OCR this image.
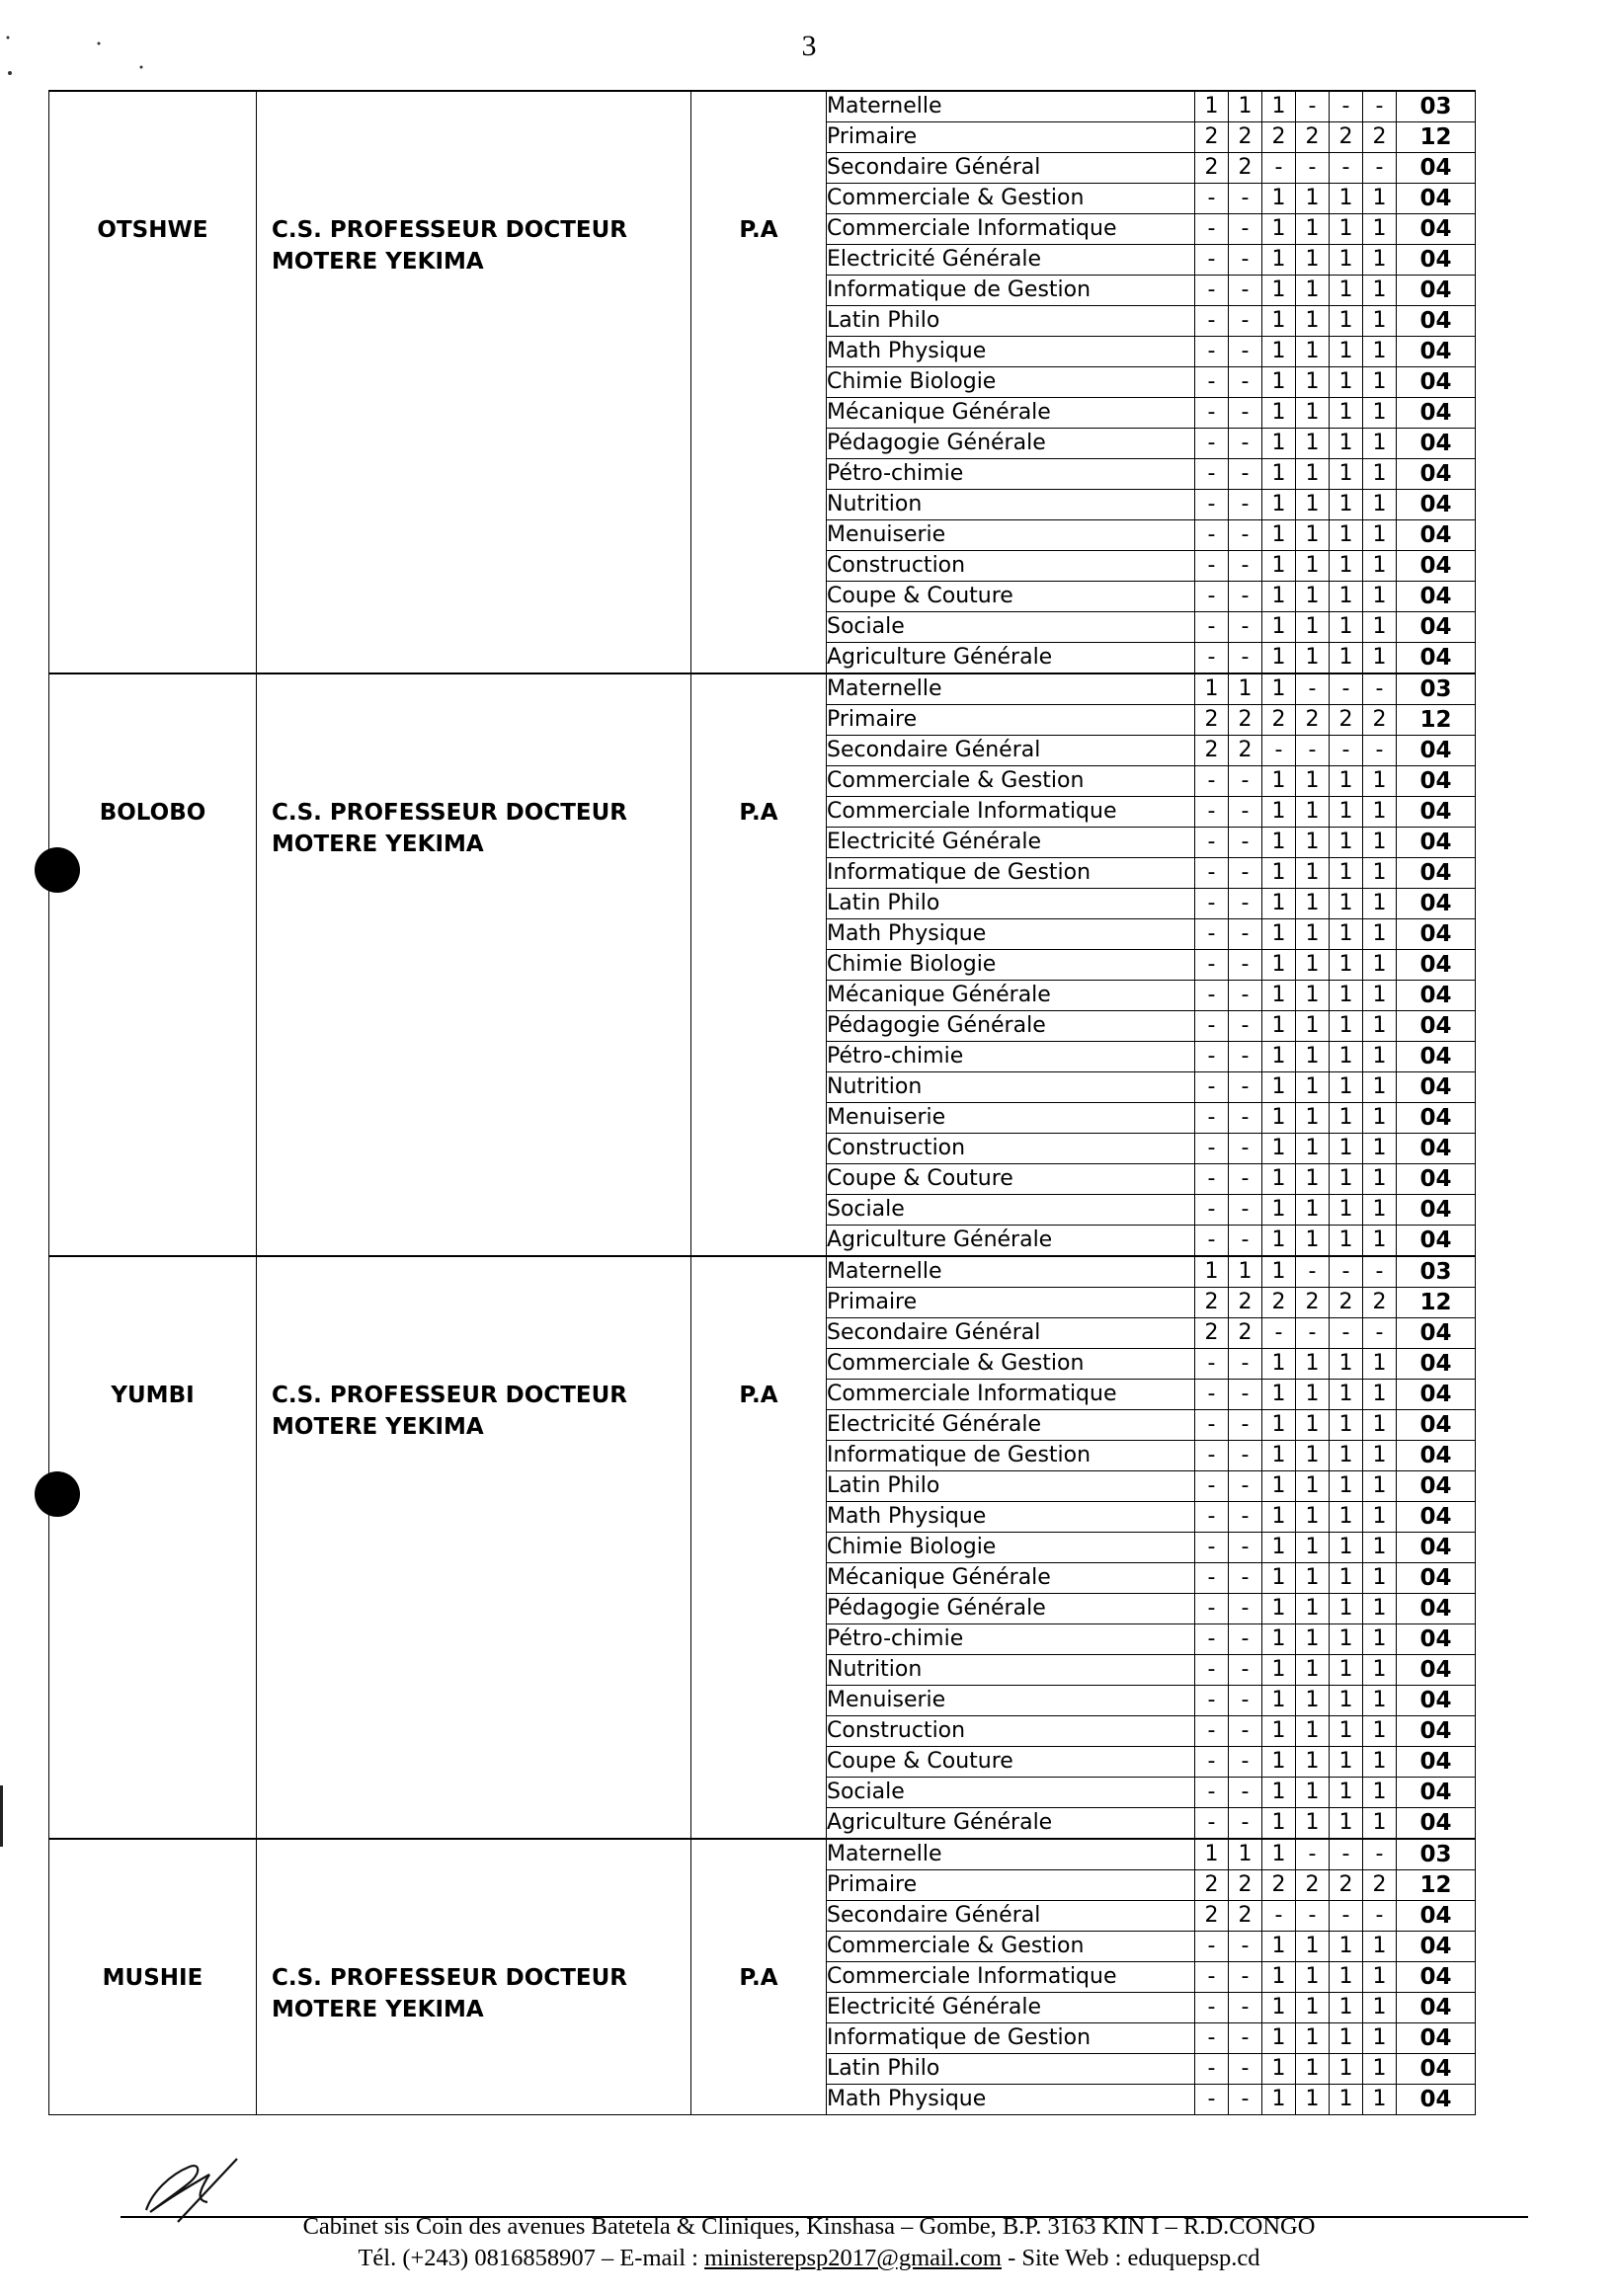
3
OTSHWE	C.S. PROFESSEUR DOCTEUR
MOTERE YEKIMA	P.A	Maternelle	1	1	1	-	-	-	03
			Primaire	2	2	2	2	2	2	12
			Secondaire Général	2	2	-	-	-	-	04
			Commerciale & Gestion	-	-	1	1	1	1	04
			Commerciale Informatique	-	-	1	1	1	1	04
			Electricité Générale	-	-	1	1	1	1	04
			Informatique de Gestion	-	-	1	1	1	1	04
			Latin Philo	-	-	1	1	1	1	04
			Math Physique	-	-	1	1	1	1	04
			Chimie Biologie	-	-	1	1	1	1	04
			Mécanique Générale	-	-	1	1	1	1	04
			Pédagogie Générale	-	-	1	1	1	1	04
			Pétro-chimie	-	-	1	1	1	1	04
			Nutrition	-	-	1	1	1	1	04
			Menuiserie	-	-	1	1	1	1	04
			Construction	-	-	1	1	1	1	04
			Coupe & Couture	-	-	1	1	1	1	04
			Sociale	-	-	1	1	1	1	04
			Agriculture Générale	-	-	1	1	1	1	04

BOLOBO	C.S. PROFESSEUR DOCTEUR
MOTERE YEKIMA	P.A	Maternelle	1	1	1	-	-	-	03
			Primaire	2	2	2	2	2	2	12
			Secondaire Général	2	2	-	-	-	-	04
			Commerciale & Gestion	-	-	1	1	1	1	04
			Commerciale Informatique	-	-	1	1	1	1	04
			Electricité Générale	-	-	1	1	1	1	04
			Informatique de Gestion	-	-	1	1	1	1	04
			Latin Philo	-	-	1	1	1	1	04
			Math Physique	-	-	1	1	1	1	04
			Chimie Biologie	-	-	1	1	1	1	04
			Mécanique Générale	-	-	1	1	1	1	04
			Pédagogie Générale	-	-	1	1	1	1	04
			Pétro-chimie	-	-	1	1	1	1	04
			Nutrition	-	-	1	1	1	1	04
			Menuiserie	-	-	1	1	1	1	04
			Construction	-	-	1	1	1	1	04
			Coupe & Couture	-	-	1	1	1	1	04
			Sociale	-	-	1	1	1	1	04
			Agriculture Générale	-	-	1	1	1	1	04

YUMBI	C.S. PROFESSEUR DOCTEUR
MOTERE YEKIMA	P.A	Maternelle	1	1	1	-	-	-	03
			Primaire	2	2	2	2	2	2	12
			Secondaire Général	2	2	-	-	-	-	04
			Commerciale & Gestion	-	-	1	1	1	1	04
			Commerciale Informatique	-	-	1	1	1	1	04
			Electricité Générale	-	-	1	1	1	1	04
			Informatique de Gestion	-	-	1	1	1	1	04
			Latin Philo	-	-	1	1	1	1	04
			Math Physique	-	-	1	1	1	1	04
			Chimie Biologie	-	-	1	1	1	1	04
			Mécanique Générale	-	-	1	1	1	1	04
			Pédagogie Générale	-	-	1	1	1	1	04
			Pétro-chimie	-	-	1	1	1	1	04
			Nutrition	-	-	1	1	1	1	04
			Menuiserie	-	-	1	1	1	1	04
			Construction	-	-	1	1	1	1	04
			Coupe & Couture	-	-	1	1	1	1	04
			Sociale	-	-	1	1	1	1	04
			Agriculture Générale	-	-	1	1	1	1	04

MUSHIE	C.S. PROFESSEUR DOCTEUR
MOTERE YEKIMA	P.A	Maternelle	1	1	1	-	-	-	03
			Primaire	2	2	2	2	2	2	12
			Secondaire Général	2	2	-	-	-	-	04
			Commerciale & Gestion	-	-	1	1	1	1	04
			Commerciale Informatique	-	-	1	1	1	1	04
			Electricité Générale	-	-	1	1	1	1	04
			Informatique de Gestion	-	-	1	1	1	1	04
			Latin Philo	-	-	1	1	1	1	04
			Math Physique	-	-	1	1	1	1	04
Cabinet sis Coin des avenues Batetela & Cliniques, Kinshasa – Gombe, B.P. 3163 KIN I – R.D.CONGO
Tél. (+243) 0816858907 – E-mail : ministerepsp2017@gmail.com - Site Web : eduquepsp.cd
